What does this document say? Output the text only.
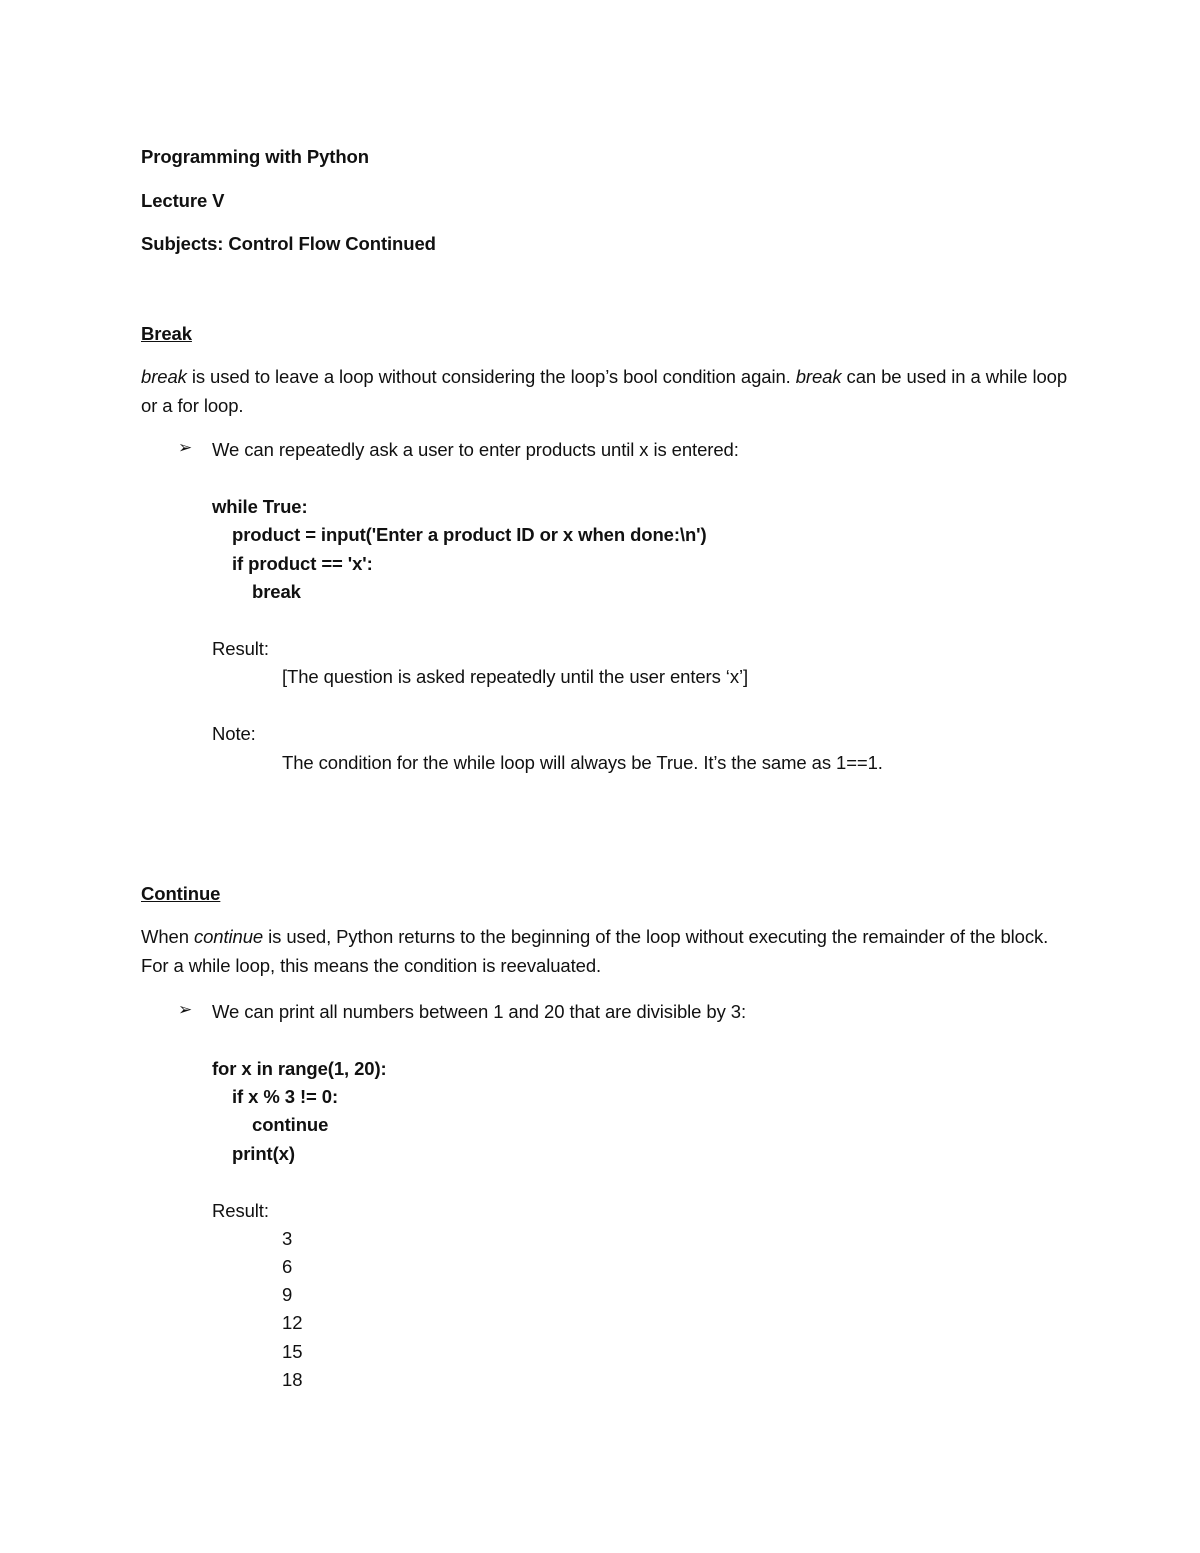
Programming with Python

Lecture V

Subjects: Control Flow Continued

Break

break is used to leave a loop without considering the loop’s bool condition again. break can be used in a while loop or a for loop.

➢	We can repeatedly ask a user to enter products until x is entered:

while True:

product = input('Enter a product ID or x when done:\n')

if product == 'x':

break

Result:

[The question is asked repeatedly until the user enters ‘x’]

Note:

The condition for the while loop will always be True. It’s the same as 1==1.

Continue

When continue is used, Python returns to the beginning of the loop without executing the remainder of the block. For a while loop, this means the condition is reevaluated.

➢	We can print all numbers between 1 and 20 that are divisible by 3:

for x in range(1, 20):

if x % 3 != 0:

continue

print(x)

Result:

3

6

9

12

15

18
